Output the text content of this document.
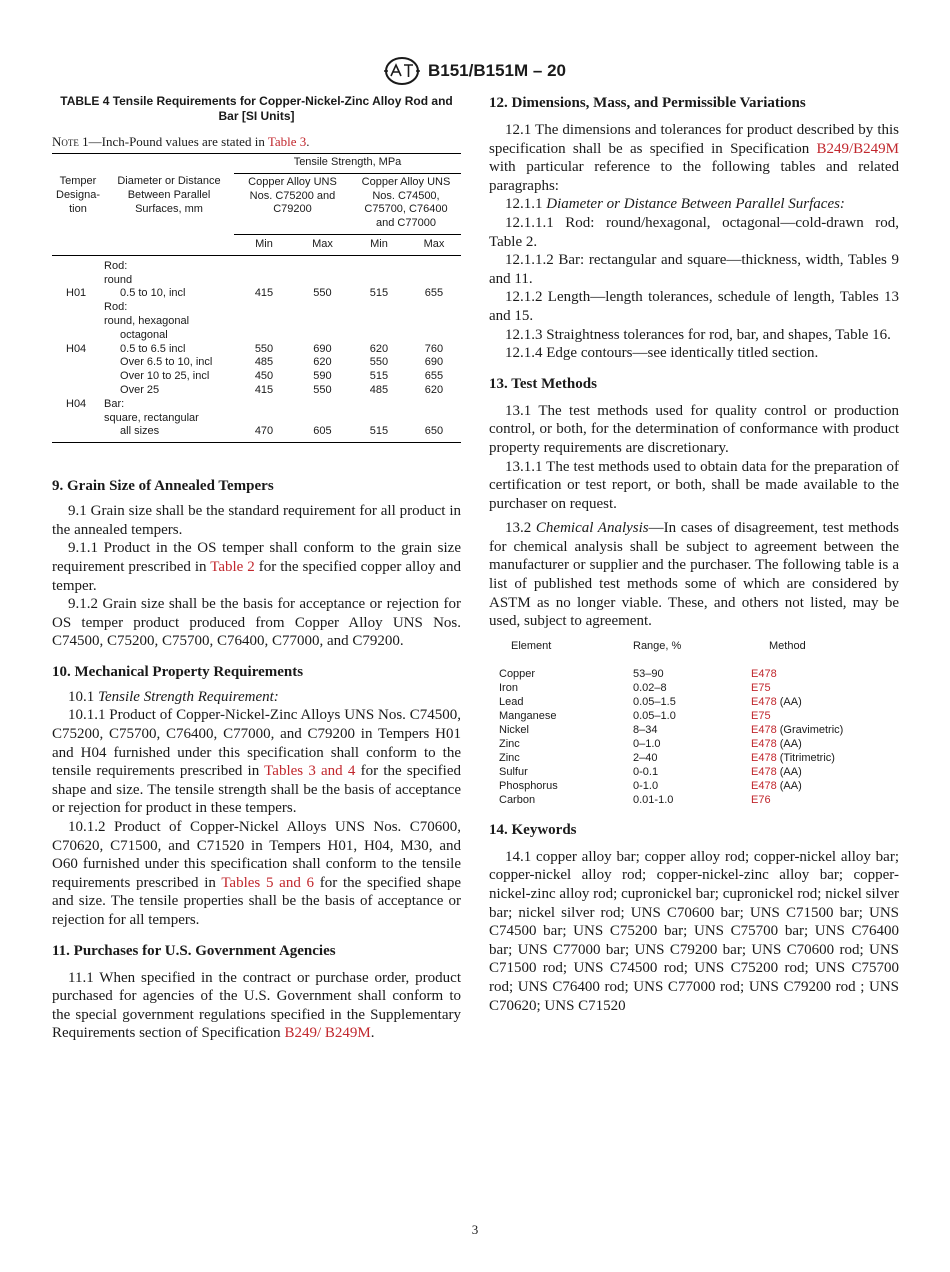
B151/B151M – 20
TABLE 4 Tensile Requirements for Copper-Nickel-Zinc Alloy Rod and Bar [SI Units]
Note 1—Inch-Pound values are stated in Table 3.
		Tensile Strength, MPa			
Temper Designa- tion	Diameter or Distance Between Parallel Surfaces, mm	Copper Alloy UNS Nos. C75200 and C79200		Copper Alloy UNS Nos. C74500, C75700, C76400 and C77000	
		Min	Max	Min	Max
	Rod:				
	round				
H01	0.5 to 10, incl	415	550	515	655
	Rod:				
	round, hexagonal				
	octagonal				
H04	0.5 to 6.5 incl	550	690	620	760
	Over 6.5 to 10, incl	485	620	550	690
	Over 10 to 25, incl	450	590	515	655
	Over 25	415	550	485	620
H04	Bar:				
	square, rectangular				
	all sizes	470	605	515	650
9. Grain Size of Annealed Tempers

9.1 Grain size shall be the standard requirement for all product in the annealed tempers.

9.1.1 Product in the OS temper shall conform to the grain size requirement prescribed in Table 2 for the specified copper alloy and temper.

9.1.2 Grain size shall be the basis for acceptance or rejection for OS temper product produced from Copper Alloy UNS Nos. C74500, C75200, C75700, C76400, C77000, and C79200.

10. Mechanical Property Requirements

10.1 Tensile Strength Requirement:

10.1.1 Product of Copper-Nickel-Zinc Alloys UNS Nos. C74500, C75200, C75700, C76400, C77000, and C79200 in Tempers H01 and H04 furnished under this specification shall conform to the tensile requirements prescribed in Tables 3 and 4 for the specified shape and size. The tensile strength shall be the basis of acceptance or rejection for product in these tempers.

10.1.2 Product of Copper-Nickel Alloys UNS Nos. C70600, C70620, C71500, and C71520 in Tempers H01, H04, M30, and O60 furnished under this specification shall conform to the tensile requirements prescribed in Tables 5 and 6 for the specified shape and size. The tensile properties shall be the basis of acceptance or rejection for all tempers.

11. Purchases for U.S. Government Agencies

11.1 When specified in the contract or purchase order, product purchased for agencies of the U.S. Government shall conform to the special government regulations specified in the Supplementary Requirements section of Specification B249/ B249M.

12. Dimensions, Mass, and Permissible Variations

12.1 The dimensions and tolerances for product described by this specification shall be as specified in Specification B249/B249M with particular reference to the following tables and related paragraphs:

12.1.1 Diameter or Distance Between Parallel Surfaces:

12.1.1.1 Rod: round/hexagonal, octagonal—cold-drawn rod, Table 2.

12.1.1.2 Bar: rectangular and square—thickness, width, Tables 9 and 11.

12.1.2 Length—length tolerances, schedule of length, Tables 13 and 15.

12.1.3 Straightness tolerances for rod, bar, and shapes, Table 16.

12.1.4 Edge contours—see identically titled section.

13. Test Methods

13.1 The test methods used for quality control or production control, or both, for the determination of conformance with product property requirements are discretionary.

13.1.1 The test methods used to obtain data for the preparation of certification or test report, or both, shall be made available to the purchaser on request.

13.2 Chemical Analysis—In cases of disagreement, test methods for chemical analysis shall be subject to agreement between the manufacturer or supplier and the purchaser. The following table is a list of published test methods some of which are considered by ASTM as no longer viable. These, and others not listed, may be used, subject to agreement.

Element	Range, %	Method

Copper	53–90	E478
Iron	0.02–8	E75
Lead	0.05–1.5	E478 (AA)
Manganese	0.05–1.0	E75
Nickel	8–34	E478 (Gravimetric)
Zinc	0–1.0	E478 (AA)
Zinc	2–40	E478 (Titrimetric)
Sulfur	0-0.1	E478 (AA)
Phosphorus	0-1.0	E478 (AA)
Carbon	0.01-1.0	E76
14. Keywords

14.1 copper alloy bar; copper alloy rod; copper-nickel alloy bar; copper-nickel alloy rod; copper-nickel-zinc alloy bar; copper-nickel-zinc alloy rod; cupronickel bar; cupronickel rod; nickel silver bar; nickel silver rod; UNS C70600 bar; UNS C71500 bar; UNS C74500 bar; UNS C75200 bar; UNS C75700 bar; UNS C76400 bar; UNS C77000 bar; UNS C79200 bar; UNS C70600 rod; UNS C71500 rod; UNS C74500 rod; UNS C75200 rod; UNS C75700 rod; UNS C76400 rod; UNS C77000 rod; UNS C79200 rod ; UNS C70620; UNS C71520

3
